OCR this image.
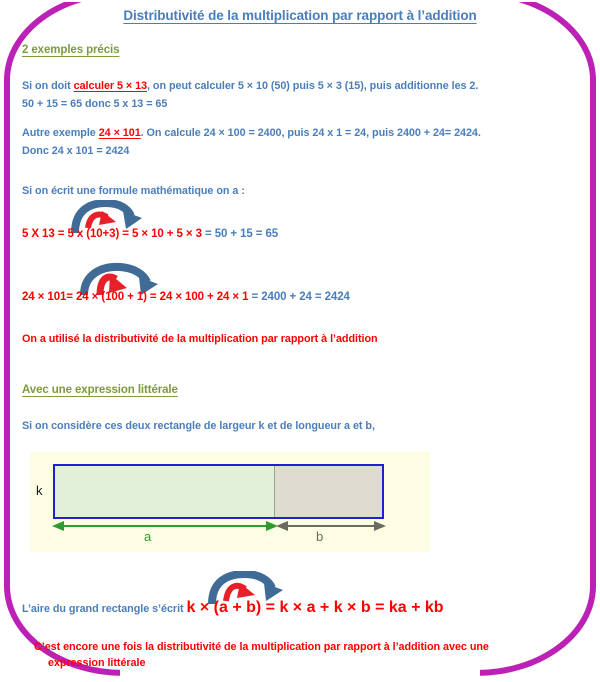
Distributivité de la multiplication par rapport à l’addition
2 exemples précis
Si on doit calculer 5 × 13, on peut calculer 5 × 10 (50) puis 5 × 3 (15), puis additionne les 2.
50 + 15 = 65 donc 5 x 13 = 65
Autre exemple 24 × 101. On calcule 24 × 100 = 2400, puis 24 x 1 = 24, puis 2400 + 24= 2424.
Donc 24 x 101 = 2424
Si on écrit une formule mathématique on a :
5 X 13 = 5 x (10+3) = 5 × 10 + 5 × 3 = 50 + 15 = 65
24 × 101= 24 × (100 + 1) = 24 × 100 + 24 × 1 = 2400 + 24 = 2424
On a utilisé la distributivité de la multiplication par rapport à l’addition
Avec une expression littérale
Si on considère ces deux rectangle de largeur k et de longueur a et b,
k
a	b
L’aire du grand rectangle s’écrit k × (a + b) = k × a + k × b = ka + kb
C’est encore une fois la distributivité de la multiplication par rapport à l’addition avec une
expression littérale
